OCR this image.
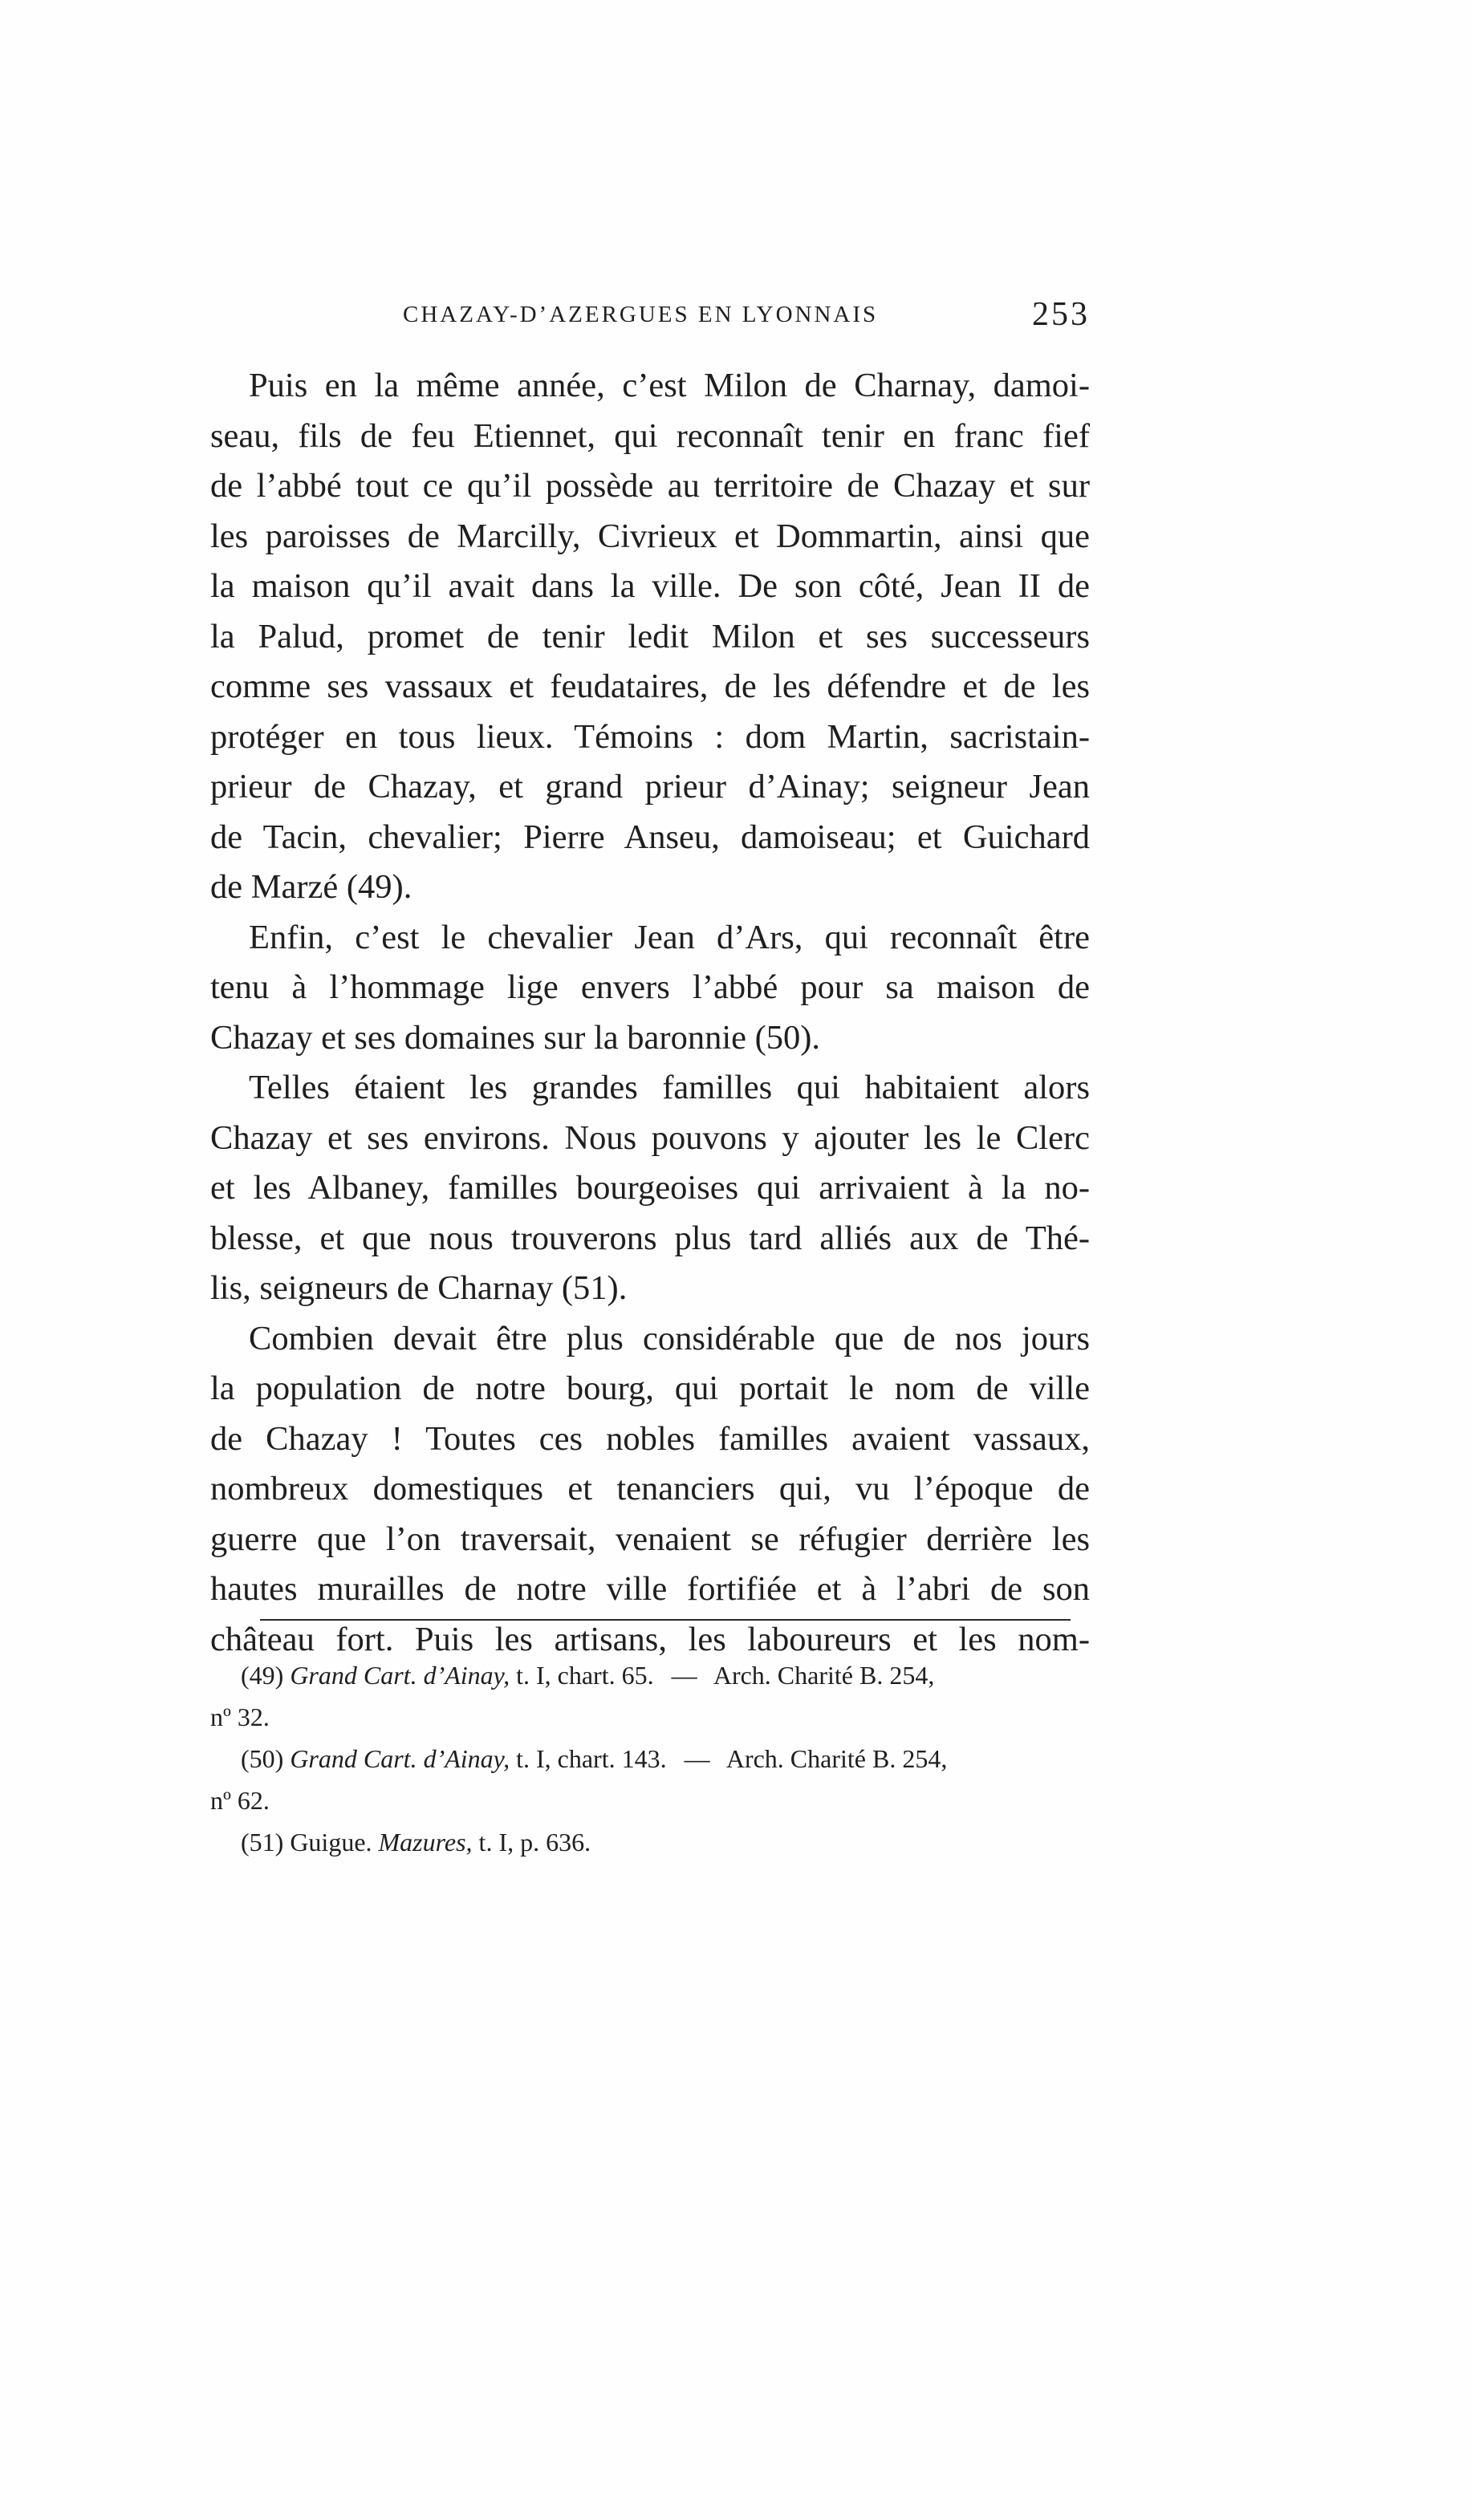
CHAZAY-D’AZERGUES EN LYONNAIS	253
Puis en la même année, c’est Milon de Charnay, damoi-
seau, fils de feu Etiennet, qui reconnaît tenir en franc fief
de l’abbé tout ce qu’il possède au territoire de Chazay et sur
les paroisses de Marcilly, Civrieux et Dommartin, ainsi que
la maison qu’il avait dans la ville. De son côté, Jean II de
la Palud, promet de tenir ledit Milon et ses successeurs
comme ses vassaux et feudataires, de les défendre et de les
protéger en tous lieux. Témoins : dom Martin, sacristain-
prieur de Chazay, et grand prieur d’Ainay; seigneur Jean
de Tacin, chevalier; Pierre Anseu, damoiseau; et Guichard
de Marzé (49).
Enfin, c’est le chevalier Jean d’Ars, qui reconnaît être
tenu à l’hommage lige envers l’abbé pour sa maison de
Chazay et ses domaines sur la baronnie (50).
Telles étaient les grandes familles qui habitaient alors
Chazay et ses environs. Nous pouvons y ajouter les le Clerc
et les Albaney, familles bourgeoises qui arrivaient à la no-
blesse, et que nous trouverons plus tard alliés aux de Thé-
lis, seigneurs de Charnay (51).
Combien devait être plus considérable que de nos jours
la population de notre bourg, qui portait le nom de ville
de Chazay ! Toutes ces nobles familles avaient vassaux,
nombreux domestiques et tenanciers qui, vu l’époque de
guerre que l’on traversait, venaient se réfugier derrière les
hautes murailles de notre ville fortifiée et à l’abri de son
château fort. Puis les artisans, les laboureurs et les nom-
(49) Grand Cart. d’Ainay, t. I, chart. 65. — Arch. Charité B. 254,
nº 32.
(50) Grand Cart. d’Ainay, t. I, chart. 143. — Arch. Charité B. 254,
nº 62.
(51) Guigue. Mazures, t. I, p. 636.
